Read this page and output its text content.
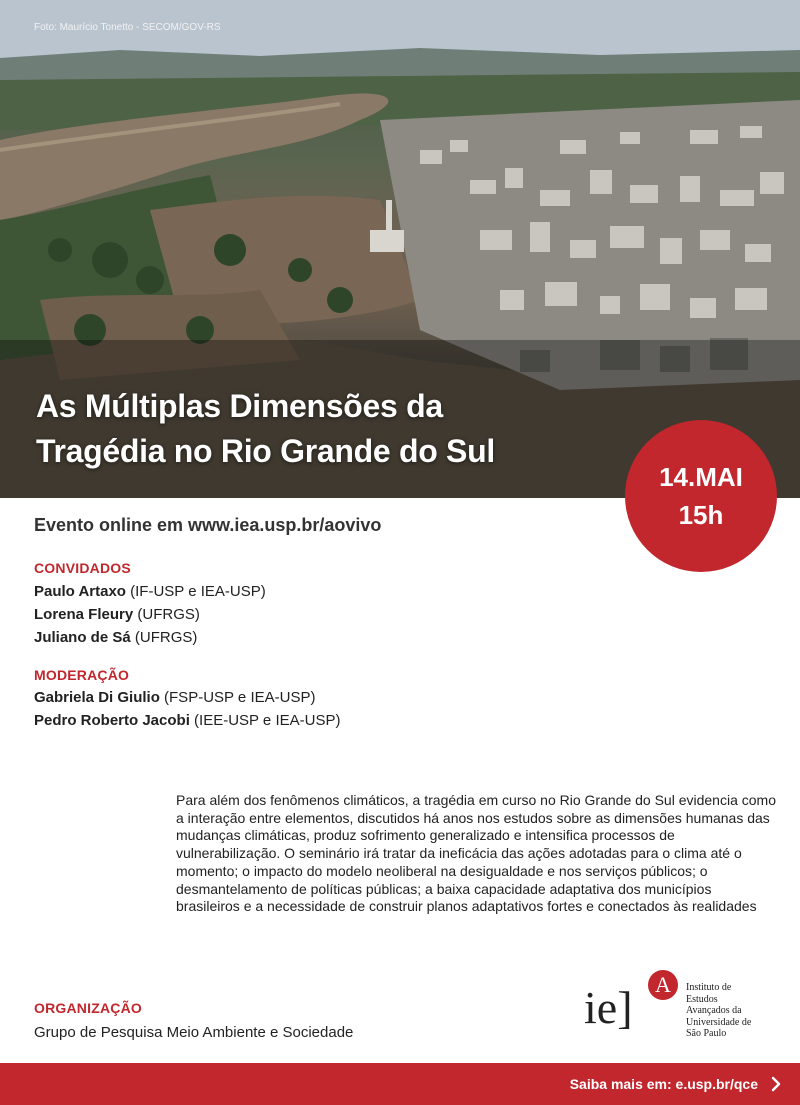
Foto: Maurício Tonetto - SECOM/GOV-RS
As Múltiplas Dimensões da
Tragédia no Rio Grande do Sul
14.MAI
15h
Evento online em www.iea.usp.br/aovivo
CONVIDADOS
Paulo Artaxo (IF-USP e IEA-USP)
Lorena Fleury (UFRGS)
Juliano de Sá (UFRGS)
MODERAÇÃO
Gabriela Di Giulio (FSP-USP e IEA-USP)
Pedro Roberto Jacobi (IEE-USP e IEA-USP)

Para além dos fenômenos climáticos, a tragédia em curso no Rio Grande do Sul evidencia como a interação entre elementos, discutidos há anos nos estudos sobre as dimensões humanas das mudanças climáticas, produz sofrimento generalizado e intensifica processos de vulnerabilização. O seminário irá tratar da ineficácia das ações adotadas para o clima até o momento; o impacto do modelo neoliberal na desigualdade e nos serviços públicos; o desmantelamento de políticas públicas; a baixa capacidade adaptativa dos municípios brasileiros e a necessidade de construir planos adaptativos fortes e conectados às realidades

ORGANIZAÇÃO
Grupo de Pesquisa Meio Ambiente e Sociedade	ie]	A	Instituto de
Estudos
Avançados da
Universidade de
São Paulo
Saiba mais em: e.usp.br/qce
